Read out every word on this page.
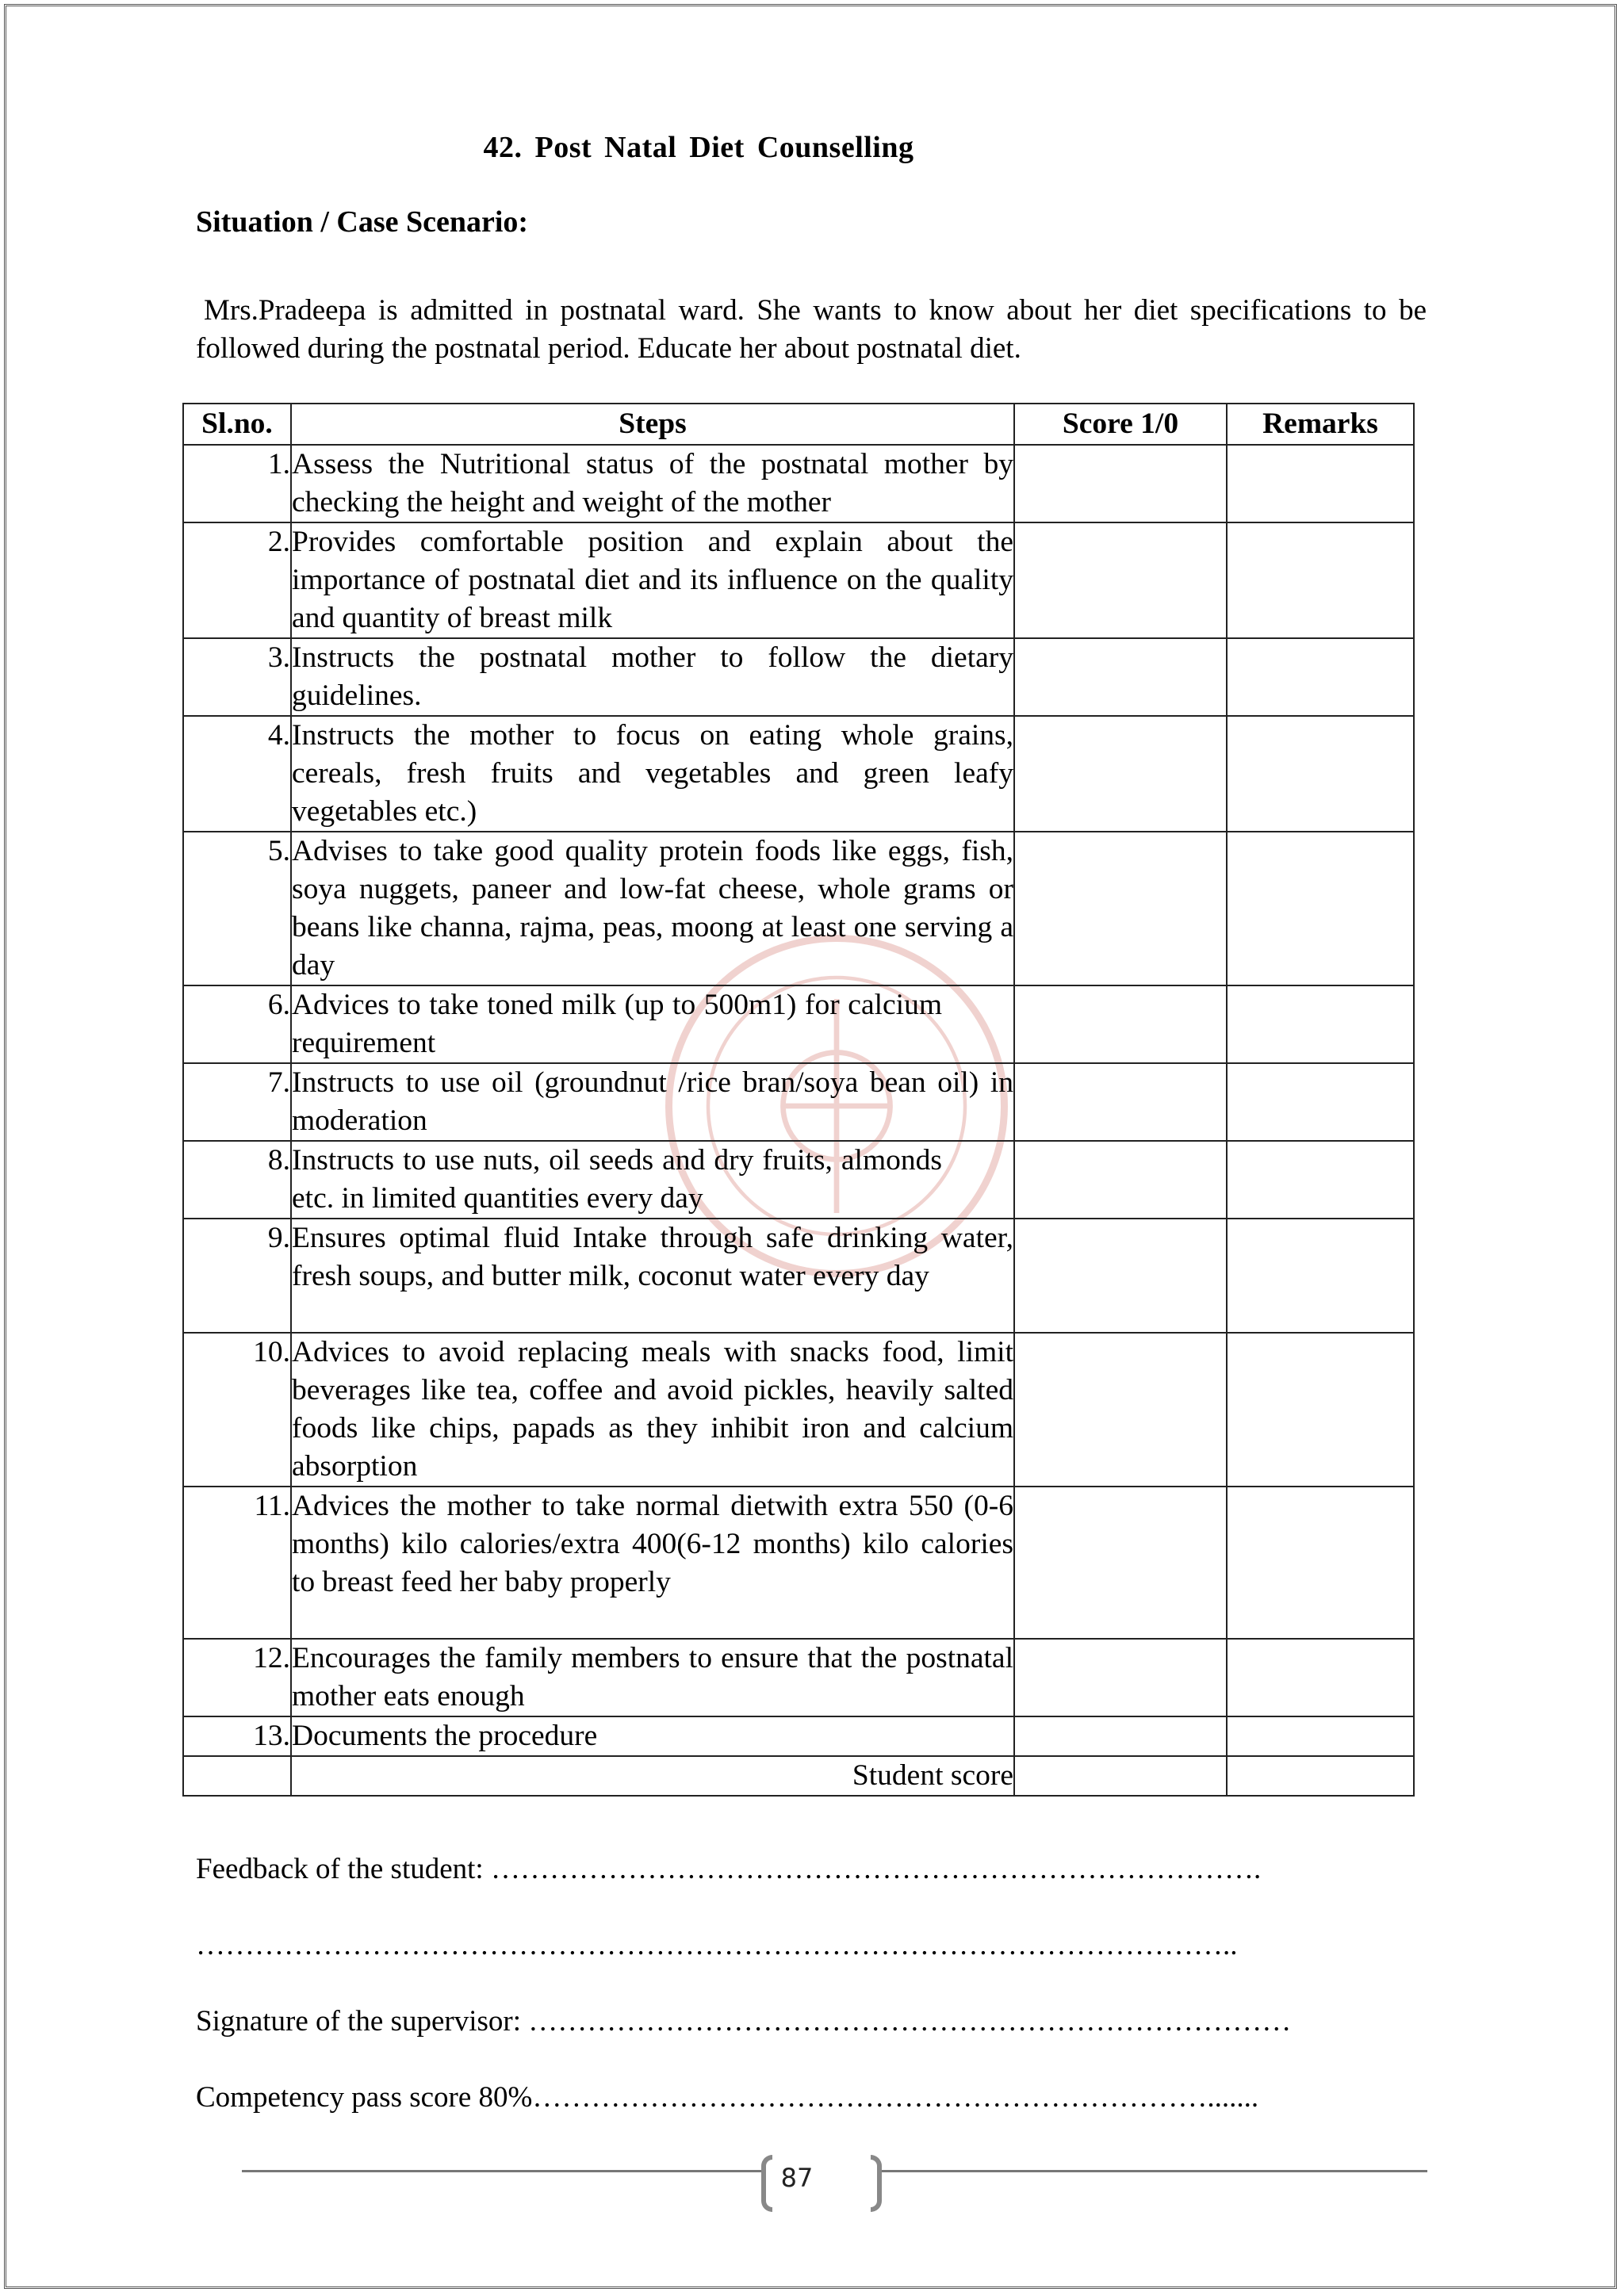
42. Post Natal Diet Counselling
Situation / Case Scenario:
Mrs.Pradeepa is admitted in postnatal ward. She wants to know about her diet specifications to be followed during the postnatal period. Educate her about postnatal diet.
Sl.no.	Steps	Score 1/0	Remarks
1.	Assess the Nutritional status of the postnatal mother by checking the height and weight of the mother		
2.	Provides comfortable position and explain about the importance of postnatal diet and its influence on the quality and quantity of breast milk		
3.	Instructs the postnatal mother to follow the dietary guidelines.		
4.	Instructs the mother to focus on eating whole grains, cereals, fresh fruits and vegetables and green leafy vegetables etc.)		
5.	Advises to take good quality protein foods like eggs, fish, soya nuggets, paneer and low-fat cheese, whole grams or beans like channa, rajma, peas, moong at least one serving a day		
6.	Advices to take toned milk (up to 500m1) for calcium requirement		
7.	Instructs to use oil (groundnut /rice bran/soya bean oil) in moderation		
8.	Instructs to use nuts, oil seeds and dry fruits, almonds etc. in limited quantities every day		
9.	Ensures optimal fluid Intake through safe drinking water, fresh soups, and butter milk, coconut water every day		
10.	Advices to avoid replacing meals with snacks food, limit beverages like tea, coffee and avoid pickles, heavily salted foods like chips, papads as they inhibit iron and calcium absorption		
11.	Advices the mother to take normal dietwith extra 550 (0-6 months) kilo calories/extra 400(6-12 months) kilo calories to breast feed her baby properly		
12.	Encourages the family members to ensure that the postnatal mother eats enough		
13.	Documents the procedure		
	Student score		
Feedback of the student: …………………………………………………………………….
……………………………………………………………………………………………..
Signature of the supervisor: ……………………………………………………………………
Competency pass score 80%…………………………………………………………….......
87
